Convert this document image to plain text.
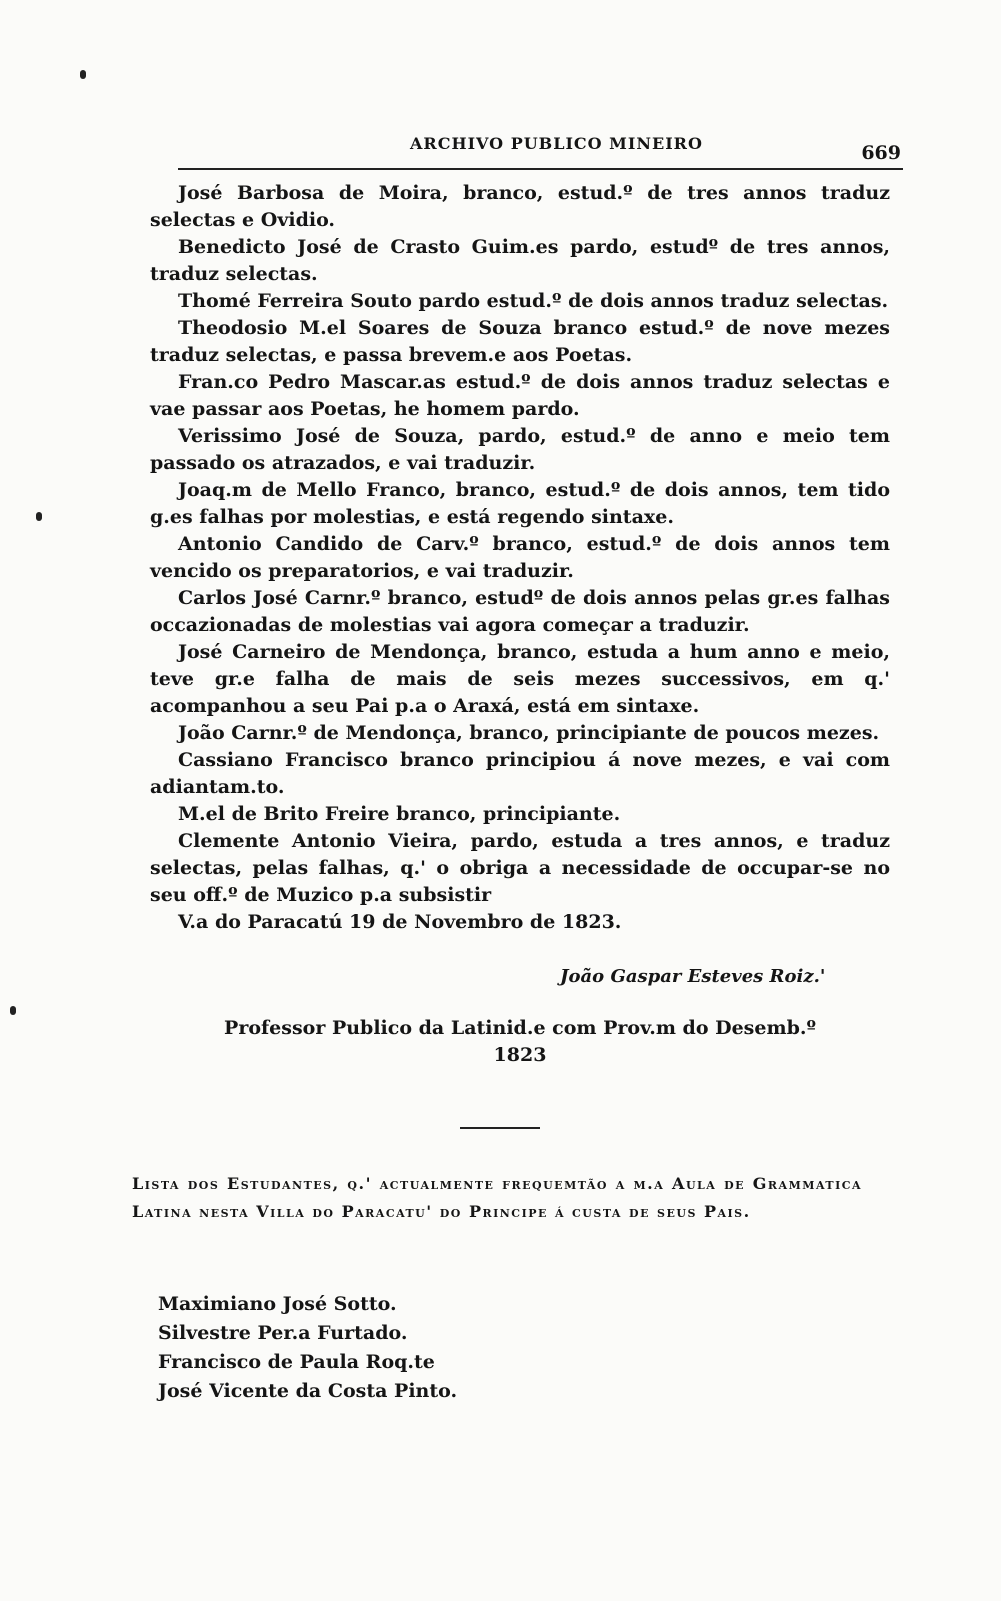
ARCHIVO PUBLICO MINEIRO	669

José Barbosa de Moira, branco, estud.º de tres annos traduz selectas e Ovidio.

Benedicto José de Crasto Guim.es pardo, estudº de tres annos, traduz selectas.

Thomé Ferreira Souto pardo estud.º de dois annos traduz selectas.

Theodosio M.el Soares de Souza branco estud.º de nove mezes traduz selectas, e passa brevem.e aos Poetas.

Fran.co Pedro Mascar.as estud.º de dois annos traduz selectas e vae passar aos Poetas, he homem pardo.

Verissimo José de Souza, pardo, estud.º de anno e meio tem passado os atrazados, e vai traduzir.

Joaq.m de Mello Franco, branco, estud.º de dois annos, tem tido g.es falhas por molestias, e está regendo sintaxe.

Antonio Candido de Carv.º branco, estud.º de dois annos tem vencido os preparatorios, e vai traduzir.

Carlos José Carnr.º branco, estudº de dois annos pelas gr.es falhas occazionadas de molestias vai agora começar a traduzir.

José Carneiro de Mendonça, branco, estuda a hum anno e meio, teve gr.e falha de mais de seis mezes successivos, em q.' acompanhou a seu Pai p.a o Araxá, está em sintaxe.

João Carnr.º de Mendonça, branco, principiante de poucos mezes.

Cassiano Francisco branco principiou á nove mezes, e vai com adiantam.to.

M.el de Brito Freire branco, principiante.

Clemente Antonio Vieira, pardo, estuda a tres annos, e traduz selectas, pelas falhas, q.' o obriga a necessidade de occupar-se no seu off.º de Muzico p.a subsistir

V.a do Paracatú 19 de Novembro de 1823.

João Gaspar Esteves Roiz.'
Professor Publico da Latinid.e com Prov.m do Desemb.º
1823
Lista dos Estudantes, q.' actualmente frequemtão a m.a Aula de Grammatica Latina nesta Villa do Paracatu' do Principe á custa de seus Pais.
Maximiano José Sotto.
Silvestre Per.a Furtado.
Francisco de Paula Roq.te
José Vicente da Costa Pinto.
